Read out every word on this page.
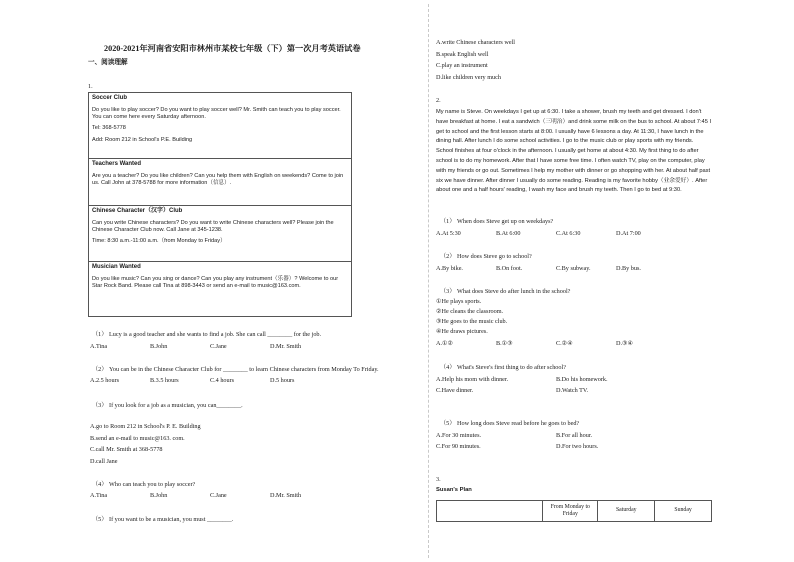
2020-2021年河南省安阳市林州市某校七年级（下）第一次月考英语试卷
一、阅读理解
1.
Soccer Club
Do you like to play soccer? Do you want to play soccer well? Mr. Smith can teach you to play soccer. You can come here every Saturday afternoon.
Tel: 368-5778
Add: Room 212 in School's P.E. Building
Teachers Wanted
Are you a teacher? Do you like children? Can you help them with English on weekends? Come to join us. Call John at 378-5788 for more information（信息）.
Chinese Character（汉字）Club
Can you write Chinese characters? Do you want to write Chinese characters well? Please join the Chinese Character Club now. Call Jane at 345-1238.
Time: 8:30 a.m.-11:00 a.m.（from Monday to Friday）
Musician Wanted
Do you like music? Can you sing or dance? Can you play any instrument（乐器）? Welcome to our Star Rock Band. Please call Tina at 898-3443 or send an e-mail to music@163.com.
（1） Lucy is a good teacher and she wants to find a job. She can call ________ for the job.
A.Tina	B.John	C.Jane	D.Mr. Smith
（2） You can be in the Chinese Character Club for ________ to learn Chinese characters from Monday To Friday.
A.2.5 hours	B.3.5 hours	C.4 hours	D.5 hours
（3） If you look for a job as a musician, you can________.
A.go to Room 212 in School's P. E. Building
B.send an e-mail to music@163. com.
C.call Mr. Smith at 368-5778
D.call Jane
（4） Who can teach you to play soccer?
A.Tina	B.John	C.Jane	D.Mr. Smith
（5） If you want to be a musician, you must ________.
A.write Chinese characters well
B.speak English well
C.play an instrument
D.like children very much
2.
My name is Steve. On weekdays I get up at 6:30. I take a shower, brush my teeth and get dressed. I don't have breakfast at home. I eat a sandwich（三明治）and drink some milk on the bus to school. At about 7:45 I get to school and the first lesson starts at 8:00. I usually have 6 lessons a day. At 11:30, I have lunch in the dining hall. After lunch I do some school activities. I go to the music club or play sports with my friends. School finishes at four o'clock in the afternoon. I usually get home at about 4:30. My first thing to do after school is to do my homework. After that I have some free time. I often watch TV, play on the computer, play with my friends or go out. Sometimes I help my mother with dinner or go shopping with her. At about half past six we have dinner. After dinner I usually do some reading. Reading is my favorite hobby（业余爱好）. After about one and a half hours' reading, I wash my face and brush my teeth. Then I go to bed at 9:30.
（1） When does Steve get up on weekdays?
A.At 5:30	B.At 6:00	C.At 6:30	D.At 7:00
（2） How does Steve go to school?
A.By bike.	B.On foot.	C.By subway.	D.By bus.
（3） What does Steve do after lunch in the school?
①He plays sports.
②He cleans the classroom.
③He goes to the music club.
④He draws pictures.
A.①②	B.①③	C.②④	D.③④
（4） What's Steve's first thing to do after school?
A.Help his mom with dinner.	B.Do his homework.
C.Have dinner.	D.Watch TV.
（5） How long does Steve read before he goes to bed?
A.For 30 minutes.	B.For all hour.
C.For 90 minutes.	D.For two hours.
3.
Susan's Plan
	From Monday to Friday	Saturday	Sunday
